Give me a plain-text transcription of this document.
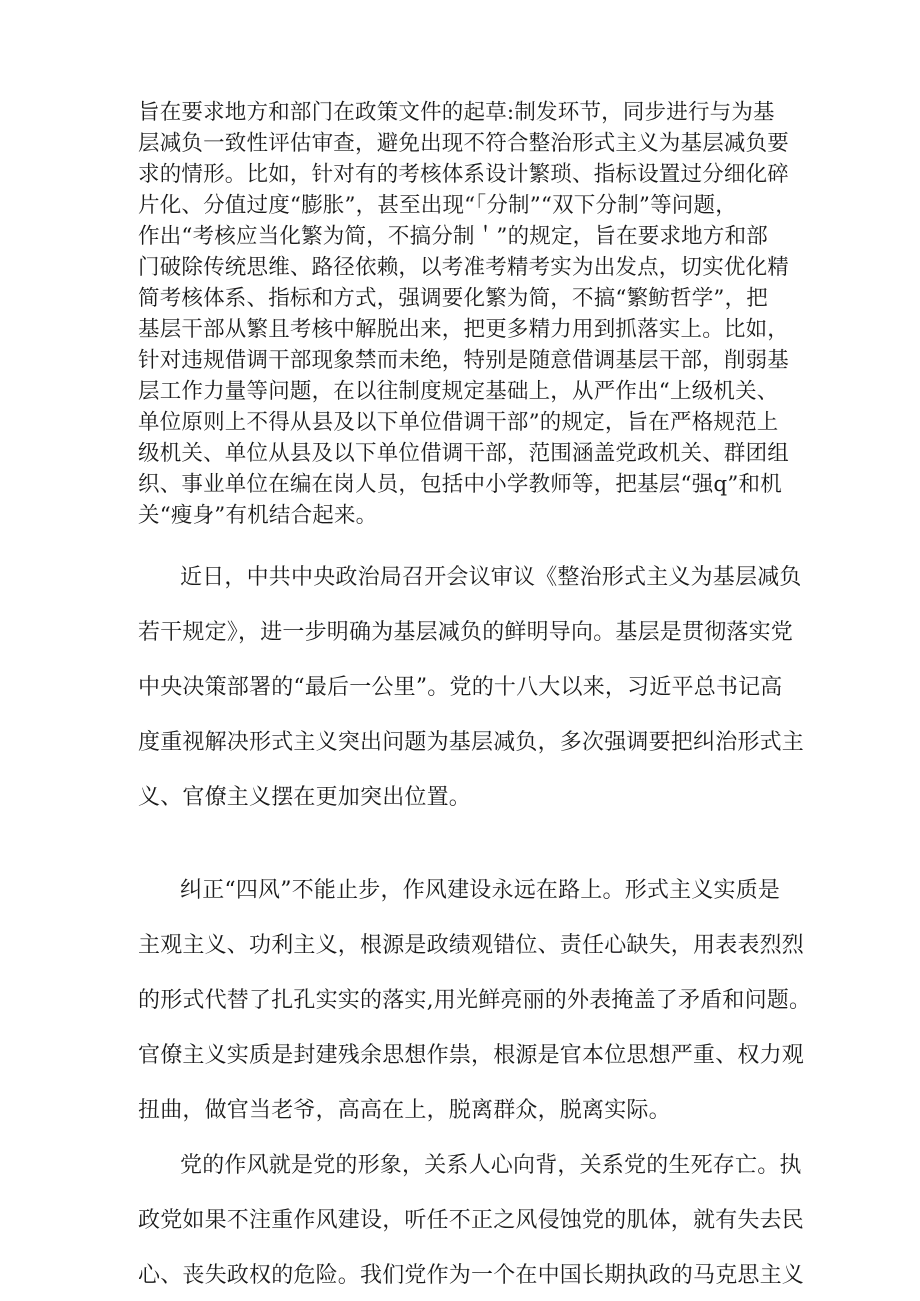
旨在要求地方和部门在政策文件的起草:制发环节，同步进行与为基

层减负一致性评估审查，避免出现不符合整治形式主义为基层减负要

求的情形。比如，针对有的考核体系设计繁琐、指标设置过分细化碎

片化、分值过度“膨胀”，甚至出现“「分制”“双下分制”等问题，

作出“考核应当化繁为简，不搞分制＇”的规定，旨在要求地方和部

门破除传统思维、路径依赖，以考准考精考实为出发点，切实优化精

简考核体系、指标和方式，强调要化繁为简，不搞“繁鲂哲学”，把

基层干部从繁且考核中解脱出来，把更多精力用到抓落实上。比如，

针对违规借调干部现象禁而未绝，特别是随意借调基层干部，削弱基

层工作力量等问题，在以往制度规定基础上，从严作出“上级机关、

单位原则上不得从县及以下单位借调干部”的规定，旨在严格规范上

级机关、单位从县及以下单位借调干部，范围涵盖党政机关、群团组

织、事业单位在编在岗人员，包括中小学教师等，把基层“强q”和机

关“瘦身”有机结合起来。

近日，中共中央政治局召开会议审议《整治形式主义为基层减负

若干规定》，进一步明确为基层减负的鲜明导向。基层是贯彻落实党

中央决策部署的“最后一公里”。党的十八大以来，习近平总书记高

度重视解决形式主义突出问题为基层减负，多次强调要把纠治形式主

义、官僚主义摆在更加突出位置。

纠正“四风”不能止步，作风建设永远在路上。形式主义实质是

主观主义、功利主义，根源是政绩观错位、责任心缺失，用表表烈烈

的形式代替了扎孔实实的落实,用光鲜亮丽的外表掩盖了矛盾和问题。

官僚主义实质是封建残余思想作祟，根源是官本位思想严重、权力观

扭曲，做官当老爷，高高在上，脱离群众，脱离实际。

党的作风就是党的形象，关系人心向背，关系党的生死存亡。执

政党如果不注重作风建设，听任不正之风侵蚀党的肌体，就有失去民

心、丧失政权的危险。我们党作为一个在中国长期执政的马克思主义
